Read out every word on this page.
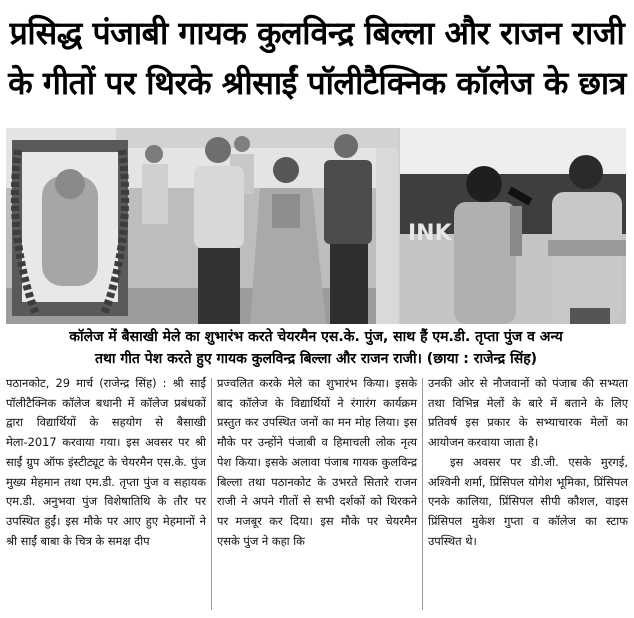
प्रसिद्ध पंजाबी गायक कुलविन्द्र बिल्ला और राजन राजी
के गीतों पर थिरके श्रीसाईं पॉलीटैक्निक कॉलेज के छात्र
INK
कॉलेज में बैसाखी मेले का शुभारंभ करते चेयरमैन एस.के. पुंज, साथ हैं एम.डी. तृप्ता पुंज व अन्य
तथा गीत पेश करते हुए गायक कुलविन्द्र बिल्ला और राजन राजी। (छाया : राजेन्द्र सिंह)

पठानकोट, 29 मार्च (राजेन्द्र सिंह) : श्री साईं पॉलीटैक्निक कॉलेज बधानी में कॉलेज प्रबंधकों द्वारा विद्यार्थियों के सहयोग से बैसाखी मेला-2017 करवाया गया। इस अवसर पर श्री साईं ग्रुप ऑफ इंस्टीट्यूट के चेयरमैन एस.के. पुंज मुख्य मेहमान तथा एम.डी. तृप्ता पुंज व सहायक एम.डी. अनुभवा पुंज विशेषातिथि के तौर पर उपस्थित हुईं। इस मौके पर आए हुए मेहमानों ने श्री साईं बाबा के चित्र के समक्ष दीप

प्रज्वलित करके मेले का शुभारंभ किया। इसके बाद कॉलेज के विद्यार्थियों ने रंगारंग कार्यक्रम प्रस्तुत कर उपस्थित जनों का मन मोह लिया। इस मौके पर उन्होंने पंजाबी व हिमाचली लोक नृत्य पेश किया। इसके अलावा पंजाब गायक कुलविन्द्र बिल्ला तथा पठानकोट के उभरते सितारे राजन राजी ने अपने गीतों से सभी दर्शकों को थिरकने पर मजबूर कर दिया। इस मौके पर चेयरमैन एसके पुंज ने कहा कि

उनकी ओर से नौजवानों को पंजाब की सभ्यता तथा विभिन्न मेलों के बारे में बताने के लिए प्रतिवर्ष इस प्रकार के सभ्याचारक मेलों का आयोजन करवाया जाता है।

इस अवसर पर डी.जी. एसके मुरगई, अश्विनी शर्मा, प्रिंसिपल योगेश भूमिका, प्रिंसिपल एनके कालिया, प्रिंसिपल सीपी कौशल, वाइस प्रिंसिपल मुकेश गुप्ता व कॉलेज का स्टाफ उपस्थित थे।
